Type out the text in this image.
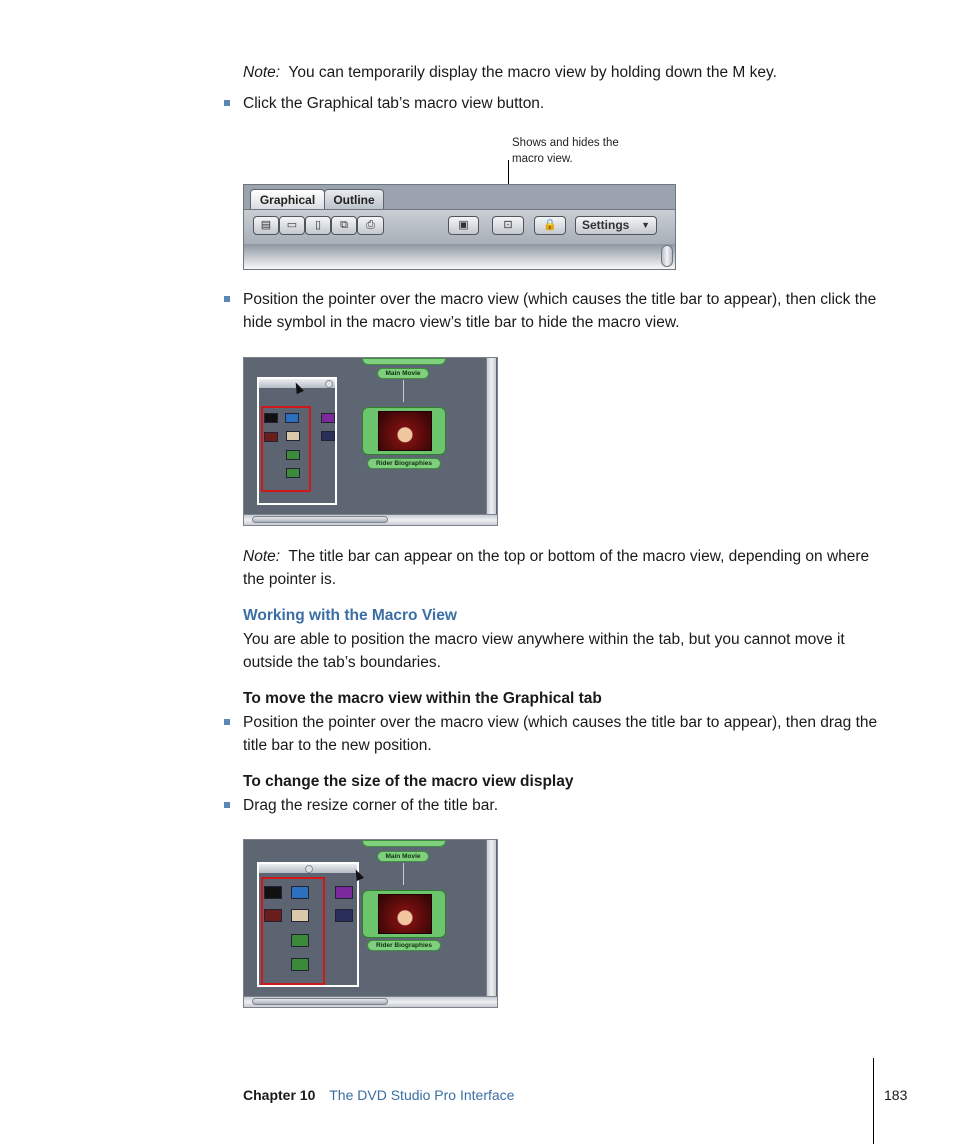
Note: You can temporarily display the macro view by holding down the M key.
Click the Graphical tab’s macro view button.
Shows and hides the macro view.
Graphical	Outline
▤	▭	▯	⧉	⎙	▣	⊡	🔒	Settings ▼
Position the pointer over the macro view (which causes the title bar to appear), then click the hide symbol in the macro view’s title bar to hide the macro view.
Main Movie
Rider Biographies
Note: The title bar can appear on the top or bottom of the macro view, depending on where the pointer is.
Working with the Macro View
You are able to position the macro view anywhere within the tab, but you cannot move it outside the tab’s boundaries.
To move the macro view within the Graphical tab
Position the pointer over the macro view (which causes the title bar to appear), then drag the title bar to the new position.
To change the size of the macro view display
Drag the resize corner of the title bar.
Main Movie
Rider Biographies
Chapter 10 The DVD Studio Pro Interface	183
